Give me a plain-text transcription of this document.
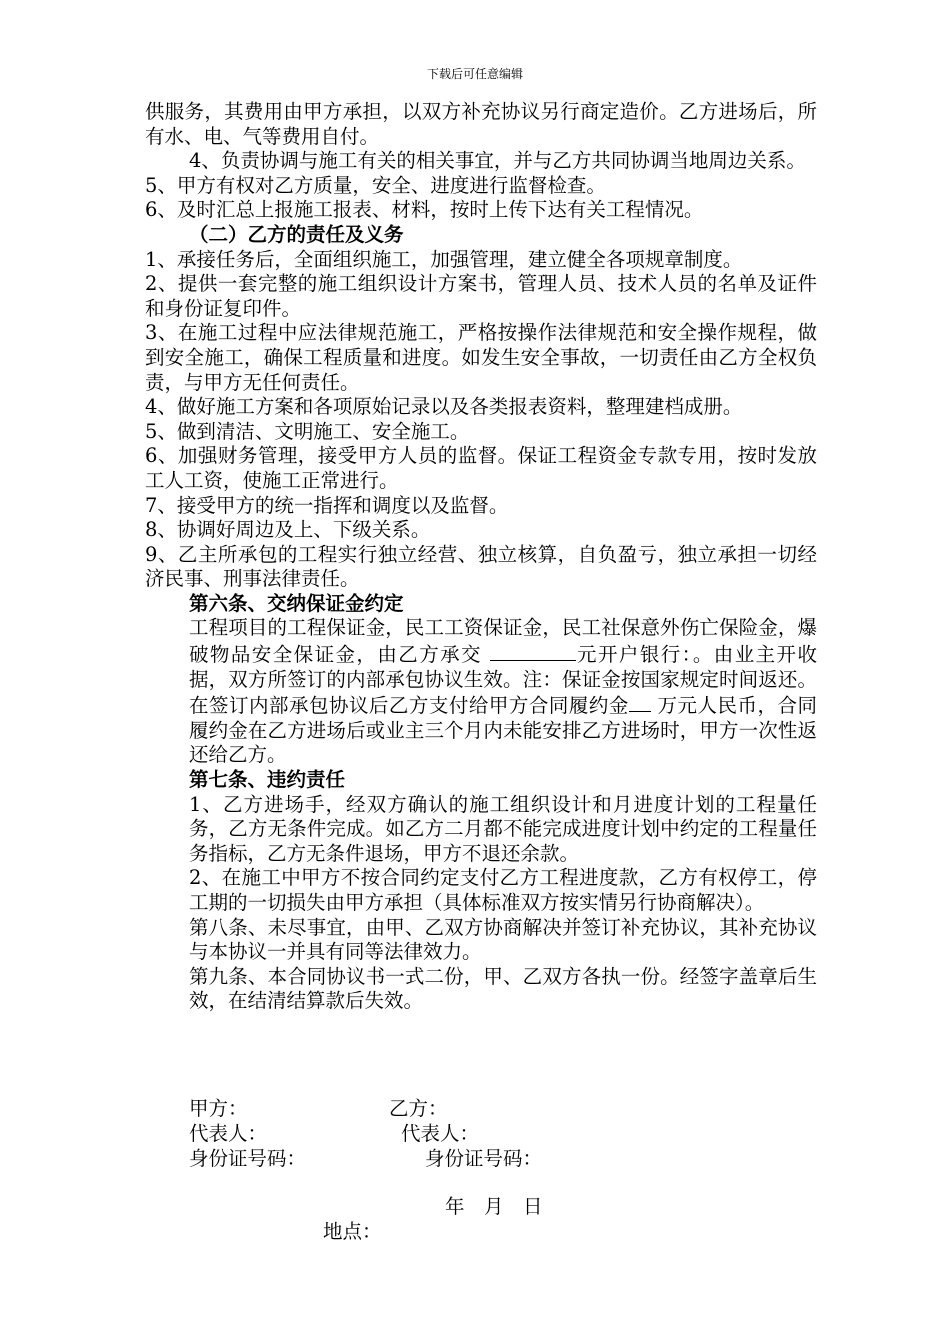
下载后可任意编辑

供服务，其费用由甲方承担，以双方补充协议另行商定造价。乙方进场后，所有水、电、气等费用自付。

4、负责协调与施工有关的相关事宜，并与乙方共同协调当地周边关系。

5、甲方有权对乙方质量，安全、进度进行监督检查。

6、及时汇总上报施工报表、材料，按时上传下达有关工程情况。

（二）乙方的责任及义务

1、承接任务后，全面组织施工，加强管理，建立健全各项规章制度。

2、提供一套完整的施工组织设计方案书，管理人员、技术人员的名单及证件和身份证复印件。

3、在施工过程中应法律规范施工，严格按操作法律规范和安全操作规程，做到安全施工，确保工程质量和进度。如发生安全事故，一切责任由乙方全权负责，与甲方无任何责任。

4、做好施工方案和各项原始记录以及各类报表资料，整理建档成册。

5、做到清洁、文明施工、安全施工。

6、加强财务管理，接受甲方人员的监督。保证工程资金专款专用，按时发放工人工资，使施工正常进行。

7、接受甲方的统一指挥和调度以及监督。

8、协调好周边及上、下级关系。

9、乙主所承包的工程实行独立经营、独立核算，自负盈亏，独立承担一切经济民事、刑事法律责任。

第六条、交纳保证金约定

工程项目的工程保证金，民工工资保证金，民工社保意外伤亡保险金，爆破物品安全保证金，由乙方承交	元开户银行：。由业主开收据，双方所签订的内部承包协议生效。注：保证金按国家规定时间返还。在签订内部承包协议后乙方支付给甲方合同履约金 万元人民币，合同履约金在乙方进场后或业主三个月内未能安排乙方进场时，甲方一次性返还给乙方。

第七条、违约责任

1、乙方进场手，经双方确认的施工组织设计和月进度计划的工程量任务，乙方无条件完成。如乙方二月都不能完成进度计划中约定的工程量任务指标，乙方无条件退场，甲方不退还余款。

2、在施工中甲方不按合同约定支付乙方工程进度款，乙方有权停工，停工期的一切损失由甲方承担（具体标准双方按实情另行协商解决）。

第八条、未尽事宜，由甲、乙双方协商解决并签订补充协议，其补充协议与本协议一并具有同等法律效力。

第九条、本合同协议书一式二份，甲、乙双方各执一份。经签字盖章后生效，在结清结算款后失效。

甲方：	乙方：
代表人：	代表人：
身份证号码：	身份证号码：
年　月　日
地点：
